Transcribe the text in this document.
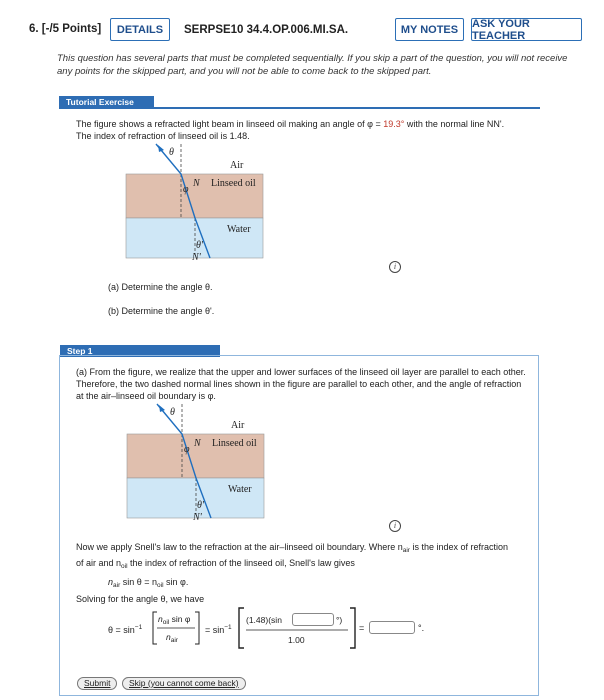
6. [-/5 Points]	DETAILS	SERPSE10 34.4.OP.006.MI.SA.	MY NOTES	ASK YOUR TEACHER
This question has several parts that must be completed sequentially. If you skip a part of the question, you will not receive any points for the skipped part, and you will not be able to come back to the skipped part.
Tutorial Exercise
The figure shows a refracted light beam in linseed oil making an angle of φ = 19.3° with the normal line NN'.
The index of refraction of linseed oil is 1.48.
θ
Air
N Linseed oil
φ
Water
θ'
N'
i
(a) Determine the angle θ.
(b) Determine the angle θ'.
Step 1
(a) From the figure, we realize that the upper and lower surfaces of the linseed oil layer are parallel to each other. Therefore, the two dashed normal lines shown in the figure are parallel to each other, and the angle of refraction at the air–linseed oil boundary is φ.
θ
Air
N Linseed oil
φ
Water
θ'
N'
i
Now we apply Snell's law to the refraction at the air–linseed oil boundary. Where $n_{air}$ is the index of refraction
of air and $n_{oil}$ the index of refraction of the linseed oil, Snell's law gives
$n_{air}$ $\sin \theta = n_{oil}$ sin φ.
Solving for the angle θ, we have
$\theta = \sin^{-1}$
$n_{oil}$ sin φ
$n_{air}$
= $\sin^{-1}$
(1.48)(sin	°)
1.00
=	°.
Submit	Skip (you cannot come back)
